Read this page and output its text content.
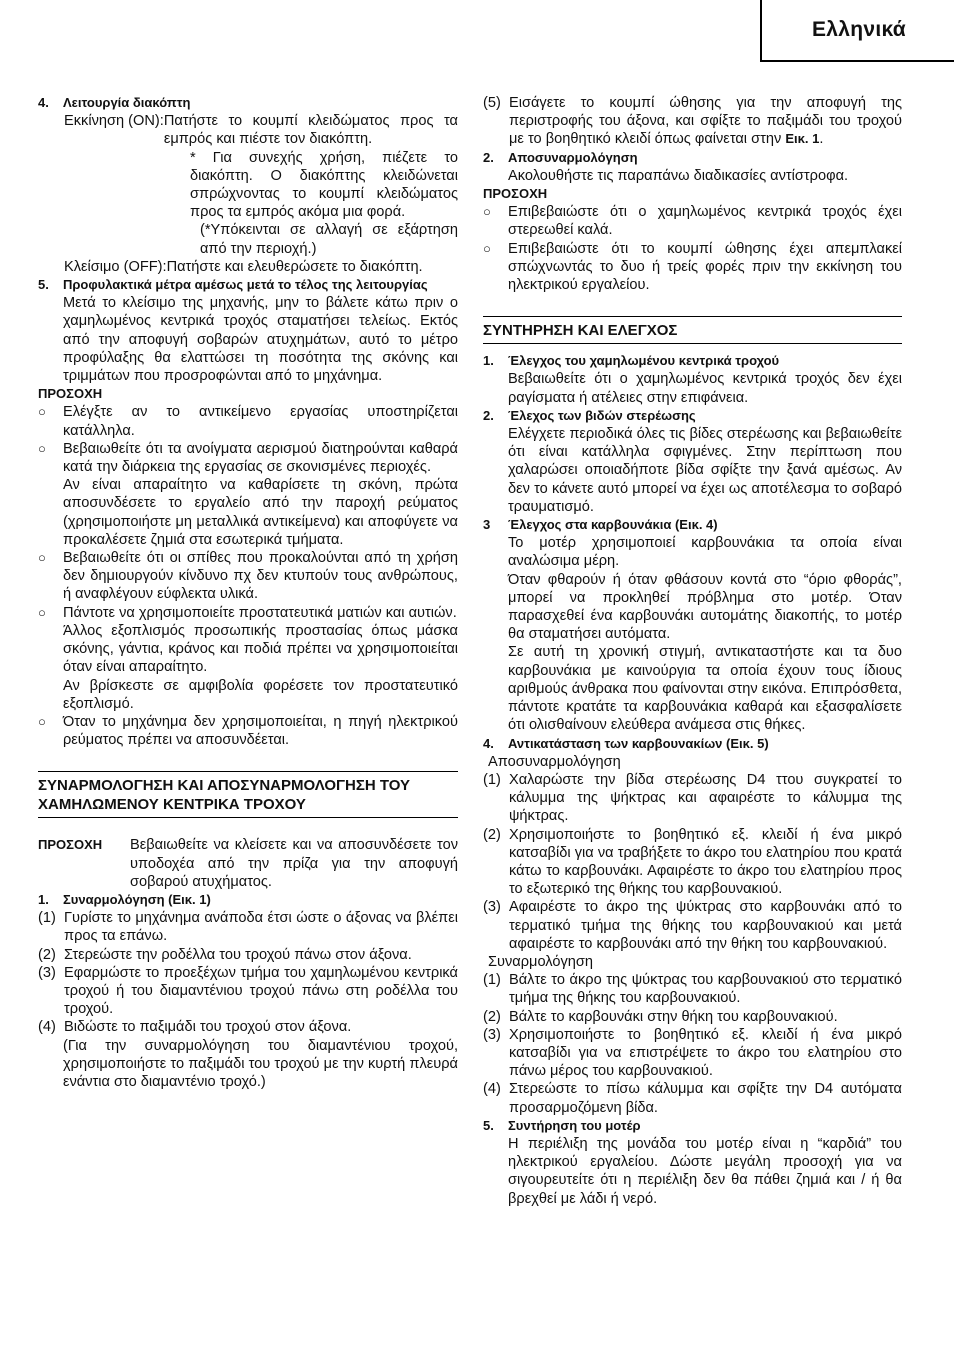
Ελληνικά
4. Λειτουργία διακόπτη
Εκκίνηση (ON): Πατήστε το κουμπί κλειδώματος προς τα εμπρός και πιέστε τον διακόπτη.

* Για συνεχής χρήση, πιέζετε το διακόπτη. Ο διακόπτης κλειδώνεται σπρώχνοντας το κουμπί κλειδώματος προς τα εμπρός ακόμα μια φορά.

(*Υπόκεινται σε αλλαγή σε εξάρτηση από την περιοχή.)

Κλείσιμο (OFF): Πατήστε και ελευθερώσετε το διακόπτη.
5.	Προφυλακτικά μέτρα αμέσως μετά το τέλος της λειτουργίας

Μετά το κλείσιμο της μηχανής, μην το βάλετε κάτω πριν ο χαμηλωμένος κεντρικά τροχός σταματήσει τελείως. Εκτός από την αποφυγή σοβαρών ατυχημάτων, αυτό το μέτρο προφύλαξης θα ελαττώσει τη ποσότητα της σκόνης και τριμμάτων που προσροφώνται από το μηχάνημα.

ΠΡΟΣΟΧΗ
○	Ελέγξτε αν το αντικείμενο εργασίας υποστηρίζεται κατάλληλα.
○	Βεβαιωθείτε ότι τα ανοίγματα αερισμού διατηρούνται καθαρά κατά την διάρκεια της εργασίας σε σκονισμένες περιοχές.

Αν είναι απαραίτητο να καθαρίσετε τη σκόνη, πρώτα αποσυνδέσετε το εργαλείο από την παροχή ρεύματος (χρησιμοποιήστε μη μεταλλικά αντικείμενα) και αποφύγετε να προκαλέσετε ζημιά στα εσωτερικά τμήματα.

○	Βεβαιωθείτε ότι οι σπίθες που προκαλούνται από τη χρήση δεν δημιουργούν κίνδυνο πχ δεν κτυπούν τους ανθρώπους, ή αναφλέγουν εύφλεκτα υλικά.
○	Πάντοτε να χρησιμοποιείτε προστατευτικά ματιών και αυτιών.

Άλλος εξοπλισμός προσωπικής προστασίας όπως μάσκα σκόνης, γάντια, κράνος και ποδιά πρέπει να χρησιμοποιείται όταν είναι απαραίτητο.

Αν βρίσκεστε σε αμφιβολία φορέσετε τον προστατευτικό εξοπλισμό.

○	Όταν το μηχάνημα δεν χρησιμοποιείται, η πηγή ηλεκτρικού ρεύματος πρέπει να αποσυνδέεται.
ΣΥΝΑΡΜΟΛΟΓΗΣΗ ΚΑΙ ΑΠΟΣΥΝΑΡΜΟΛΟΓΗΣΗ ΤΟΥ ΧΑΜΗΛΩΜΕΝΟΥ ΚΕΝΤΡΙΚΑ ΤΡΟΧΟΥ
ΠΡΟΣΟΧΗ	Βεβαιωθείτε να κλείσετε και να αποσυνδέσετε τον υποδοχέα από την πρίζα για την αποφυγή σοβαρού ατυχήματος.
1. Συναρμολόγηση (Εικ. 1)
(1) Γυρίστε το μηχάνημα ανάποδα έτσι ώστε ο άξονας να βλέπει προς τα επάνω.
(2) Στερεώστε την ροδέλλα του τροχού πάνω στον άξονα.
(3) Εφαρμώστε το προεξέχων τμήμα του χαμηλωμένου κεντρικά τροχού ή του διαμαντένιου τροχού πάνω στη ροδέλλα του τροχού.
(4) Βιδώστε το παξιμάδι του τροχού στον άξονα.

(Για την συναρμολόγηση του διαμαντένιου τροχού, χρησιμοποιήστε το παξιμάδι του τροχού με την κυρτή πλευρά ενάντια στο διαμαντένιο τροχό.)

(5) Εισάγετε το κουμπί ώθησης για την αποφυγή της περιστροφής του άξονα, και σφίξτε το παξιμάδι του τροχού με το βοηθητικό κλειδί όπως φαίνεται στην Εικ. 1.
2. Αποσυναρμολόγηση

Ακολουθήστε τις παραπάνω διαδικασίες αντίστροφα.

ΠΡΟΣΟΧΗ
○	Επιβεβαιώστε ότι ο χαμηλωμένος κεντρικά τροχός έχει στερεωθεί καλά.
○	Επιβεβαιώστε ότι το κουμπί ώθησης έχει απεμπλακεί σπώχνωντάς το δυο ή τρείς φορές πριν την εκκίνηση του ηλεκτρικού εργαλείου.
ΣΥΝΤΗΡΗΣΗ ΚΑΙ ΕΛΕΓΧΟΣ
1. Έλεγχος του χαμηλωμένου κεντρικά τροχού

Βεβαιωθείτε ότι ο χαμηλωμένος κεντρικά τροχός δεν έχει ραγίσματα ή ατέλειες στην επιφάνεια.

2. Έλεχος των βιδών στερέωσης

Ελέγχετε περιοδικά όλες τις βίδες στερέωσης και βεβαιωθείτε ότι είναι κατάλληλα σφιγμένες. Στην περίπτωση που χαλαρώσει οποιαδήποτε βίδα σφίξτε την ξανά αμέσως. Αν δεν το κάνετε αυτό μπορεί να έχει ως αποτέλεσμα το σοβαρό τραυματισμό.

3 Έλεγχος στα καρβουνάκια (Εικ. 4)

Το μοτέρ χρησιμοποιεί καρβουνάκια τα οποία είναι αναλώσιμα μέρη.

Όταν φθαρούν ή όταν φθάσουν κοντά στο “όριο φθοράς”, μπορεί να προκληθεί πρόβλημα στο μοτέρ. Όταν παρασχεθεί ένα καρβουνάκι αυτομάτης διακοπής, το μοτέρ θα σταματήσει αυτόματα.

Σε αυτή τη χρονική στιγμή, αντικαταστήστε και τα δυο καρβουνάκια με καινούργια τα οποία έχουν τους ίδιους αριθμούς άνθρακα που φαίνονται στην εικόνα. Επιπρόσθετα, πάντοτε κρατάτε τα καρβουνάκια καθαρά και εξασφαλίσετε ότι ολισθαίνουν ελεύθερα ανάμεσα στις θήκες.

4. Αντικατάσταση των καρβουνακίων (Εικ. 5)

Αποσυναρμολόγηση

(1) Χαλαρώστε την βίδα στερέωσης D4 ττου συγκρατεί το κάλυμμα της ψήκτρας και αφαιρέστε το κάλυμμα της ψήκτρας.
(2) Χρησιμοποιήστε το βοηθητικό εξ. κλειδί ή ένα μικρό κατσαβίδι για να τραβήξετε το άκρο του ελατηρίου που κρατά κάτω το καρβουνάκι. Αφαιρέστε το άκρο του ελατηρίου προς το εξωτερικό της θήκης του καρβουνακιού.
(3) Αφαιρέστε το άκρο της ψύκτρας στο καρβουνάκι από το τερματικό τμήμα της θήκης του καρβουνακιού και μετά αφαιρέστε το καρβουνάκι από την θήκη του καρβουνακιού.

Συναρμολόγηση

(1) Βάλτε το άκρο της ψύκτρας του καρβουνακιού στο τερματικό τμήμα της θήκης του καρβουνακιού.
(2) Βάλτε το καρβουνάκι στην θήκη του καρβουνακιού.
(3) Χρησιμοποιήστε το βοηθητικό εξ. κλειδί ή ένα μικρό κατσαβίδι για να επιστρέψετε το άκρο του ελατηρίου στο πάνω μέρος του καρβουνακιού.
(4) Στερεώστε το πίσω κάλυμμα και σφίξτε την D4 αυτόματα προσαρμοζόμενη βίδα.
5. Συντήρηση του μοτέρ

Η περιέλιξη της μονάδα του μοτέρ είναι η “καρδιά” του ηλεκτρικού εργαλείου. Δώστε μεγάλη προσοχή για να σιγουρευτείτε ότι η περιέλιξη δεν θα πάθει ζημιά και / ή θα βρεχθεί με λάδι ή νερό.
